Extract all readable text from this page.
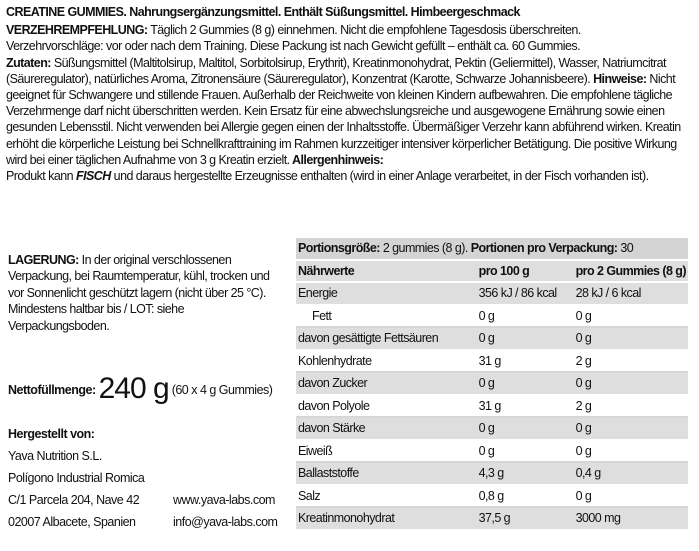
CREATINE GUMMIES. Nahrungsergänzungsmittel. Enthält Süßungsmittel. Himbeergeschmack

VERZEHREMPFEHLUNG: Täglich 2 Gummies (8 g) einnehmen. Nicht die empfohlene Tagesdosis überschreiten.

Verzehrvorschläge: vor oder nach dem Training. Diese Packung ist nach Gewicht gefüllt – enthält ca. 60 Gummies.

Zutaten: Süßungsmittel (Maltitolsirup, Maltitol, Sorbitolsirup, Erythrit), Kreatinmonohydrat, Pektin (Geliermittel), Wasser, Natriumcitrat (Säureregulator), natürliches Aroma, Zitronensäure (Säureregulator), Konzentrat (Karotte, Schwarze Johannisbeere). Hinweise: Nicht geeignet für Schwangere und stillende Frauen. Außerhalb der Reichweite von kleinen Kindern aufbewahren. Die empfohlene tägliche Verzehrmenge darf nicht überschritten werden. Kein Ersatz für eine abwechslungsreiche und ausgewogene Ernährung sowie einen gesunden Lebensstil. Nicht verwenden bei Allergie gegen einen der Inhaltsstoffe. Übermäßiger Verzehr kann abführend wirken. Kreatin erhöht die körperliche Leistung bei Schnellkrafttraining im Rahmen kurzzeitiger intensiver körperlicher Betätigung. Die positive Wirkung wird bei einer täglichen Aufnahme von 3 g Kreatin erzielt. Allergenhinweis:

Produkt kann FISCH und daraus hergestellte Erzeugnisse enthalten (wird in einer Anlage verarbeitet, in der Fisch vorhanden ist).

LAGERUNG: In der original verschlossenen Verpackung, bei Raumtemperatur, kühl, trocken und vor Sonnenlicht geschützt lagern (nicht über 25 °C).

Mindestens haltbar bis / LOT: siehe Verpackungsboden.

Nettofüllmenge: 240 g (60 x 4 g Gummies)
Hergestellt von:
Yava Nutrition S.L.
Polígono Industrial Romica
C/1 Parcela 204, Nave 42	www.yava-labs.com
02007 Albacete, Spanien	info@yava-labs.com
Portionsgröße: 2 gummies (8 g). Portionen pro Verpackung: 30		
Nährwerte	pro 100 g	pro 2 Gummies (8 g)
Energie	356 kJ / 86 kcal	28 kJ / 6 kcal
Fett	0 g	0 g
davon gesättigte Fettsäuren	0 g	0 g
Kohlenhydrate	31 g	2 g
davon Zucker	0 g	0 g
davon Polyole	31 g	2 g
davon Stärke	0 g	0 g
Eiweiß	0 g	0 g
Ballaststoffe	4,3 g	0,4 g
Salz	0,8 g	0 g
Kreatinmonohydrat	37,5 g	3000 mg
